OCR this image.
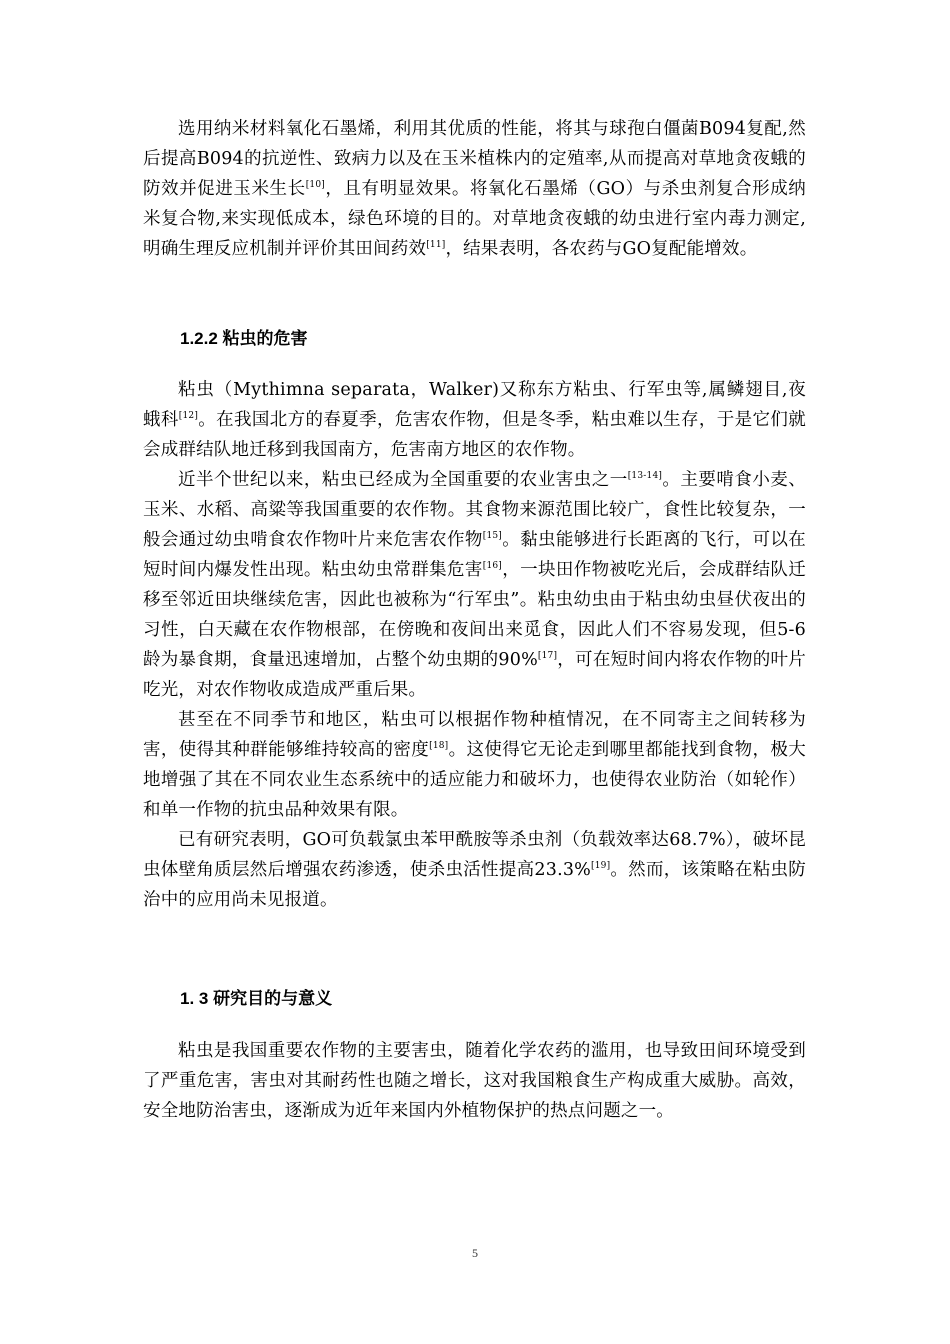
选用纳米材料氧化石墨烯，利用其优质的性能，将其与球孢白僵菌B094复配,然后提高B094的抗逆性、致病力以及在玉米植株内的定殖率,从而提高对草地贪夜蛾的防效并促进玉米生长[10]，且有明显效果。将氧化石墨烯（GO）与杀虫剂复合形成纳米复合物,来实现低成本，绿色环境的目的。对草地贪夜蛾的幼虫进行室内毒力测定,明确生理反应机制并评价其田间药效[11]，结果表明，各农药与GO复配能增效。

1.2.2 粘虫的危害

粘虫（Mythimna separata，Walker)又称东方粘虫、行军虫等,属鳞翅目,夜蛾科[12]。在我国北方的春夏季，危害农作物，但是冬季，粘虫难以生存，于是它们就会成群结队地迁移到我国南方，危害南方地区的农作物。

近半个世纪以来，粘虫已经成为全国重要的农业害虫之一[13-14]。主要啃食小麦、玉米、水稻、高粱等我国重要的农作物。其食物来源范围比较广，食性比较复杂，一般会通过幼虫啃食农作物叶片来危害农作物[15]。黏虫能够进行长距离的飞行，可以在短时间内爆发性出现。粘虫幼虫常群集危害[16]，一块田作物被吃光后，会成群结队迁移至邻近田块继续危害，因此也被称为“行军虫”。粘虫幼虫由于粘虫幼虫昼伏夜出的习性，白天藏在农作物根部，在傍晚和夜间出来觅食，因此人们不容易发现，但5-6龄为暴食期，食量迅速增加，占整个幼虫期的90%[17]，可在短时间内将农作物的叶片吃光，对农作物收成造成严重后果。

甚至在不同季节和地区，粘虫可以根据作物种植情况，在不同寄主之间转移为害，使得其种群能够维持较高的密度[18]。这使得它无论走到哪里都能找到食物，极大地增强了其在不同农业生态系统中的适应能力和破坏力，也使得农业防治（如轮作）和单一作物的抗虫品种效果有限。

已有研究表明，GO可负载氯虫苯甲酰胺等杀虫剂（负载效率达68.7%），破坏昆虫体壁角质层然后增强农药渗透，使杀虫活性提高23.3%[19]。然而，该策略在粘虫防治中的应用尚未见报道。

1. 3 研究目的与意义

粘虫是我国重要农作物的主要害虫，随着化学农药的滥用，也导致田间环境受到了严重危害，害虫对其耐药性也随之增长，这对我国粮食生产构成重大威胁。高效，安全地防治害虫，逐渐成为近年来国内外植物保护的热点问题之一。

5
